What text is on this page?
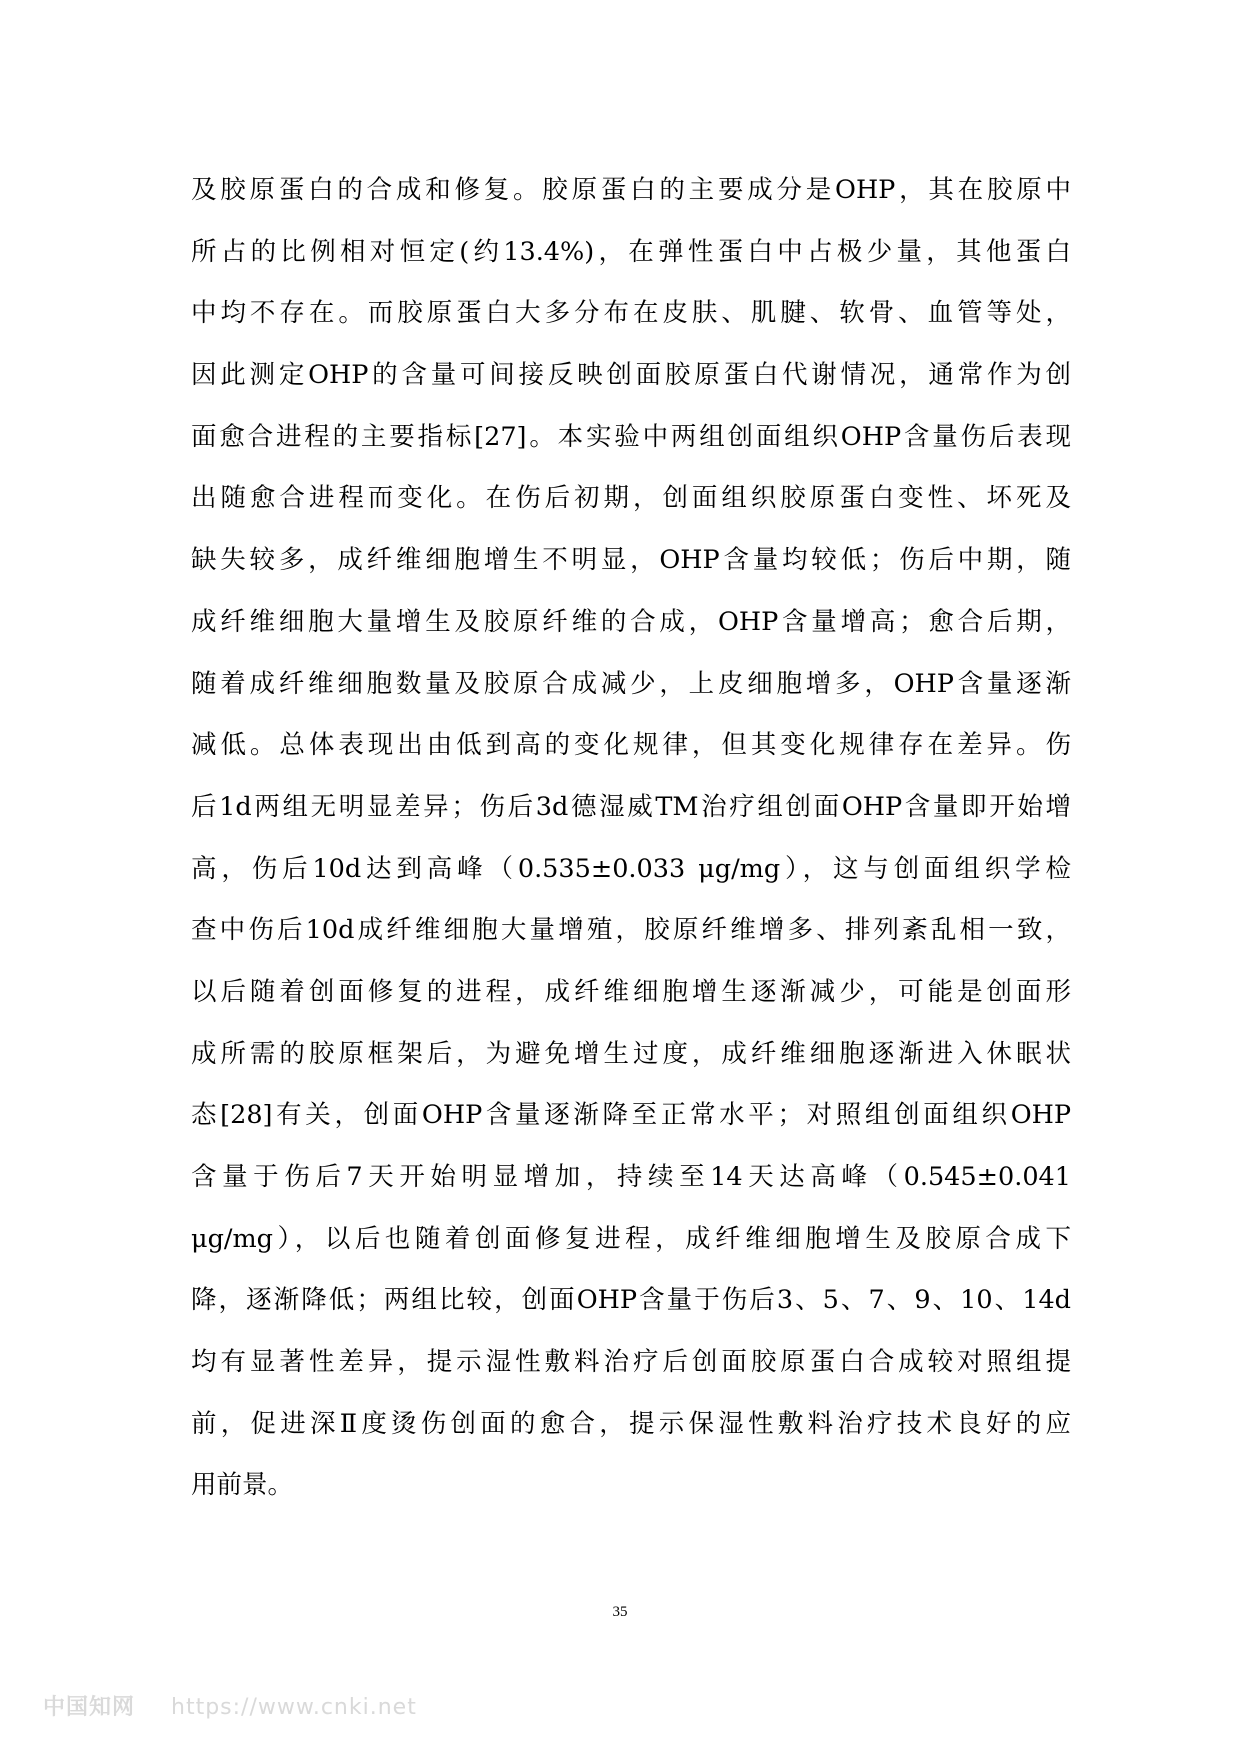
及胶原蛋白的合成和修复。胶原蛋白的主要成分是OHP，其在胶原中
所占的比例相对恒定(约13.4%)，在弹性蛋白中占极少量，其他蛋白
中均不存在。而胶原蛋白大多分布在皮肤、肌腱、软骨、血管等处，
因此测定OHP的含量可间接反映创面胶原蛋白代谢情况，通常作为创
面愈合进程的主要指标[27]。本实验中两组创面组织OHP含量伤后表现
出随愈合进程而变化。在伤后初期，创面组织胶原蛋白变性、坏死及
缺失较多，成纤维细胞增生不明显，OHP含量均较低；伤后中期，随
成纤维细胞大量增生及胶原纤维的合成，OHP含量增高；愈合后期，
随着成纤维细胞数量及胶原合成减少，上皮细胞增多，OHP含量逐渐
减低。总体表现出由低到高的变化规律，但其变化规律存在差异。伤
后1d两组无明显差异；伤后3d德湿威TM治疗组创面OHP含量即开始增
高，伤后10d达到高峰（0.535±0.033 μg/mg），这与创面组织学检
查中伤后10d成纤维细胞大量增殖，胶原纤维增多、排列紊乱相一致，
以后随着创面修复的进程，成纤维细胞增生逐渐减少，可能是创面形
成所需的胶原框架后，为避免增生过度，成纤维细胞逐渐进入休眠状
态[28]有关，创面OHP含量逐渐降至正常水平；对照组创面组织OHP
含量于伤后7天开始明显增加，持续至14天达高峰（0.545±0.041
μg/mg），以后也随着创面修复进程，成纤维细胞增生及胶原合成下
降，逐渐降低；两组比较，创面OHP含量于伤后3、5、7、9、10、14d
均有显著性差异，提示湿性敷料治疗后创面胶原蛋白合成较对照组提
前，促进深Ⅱ度烫伤创面的愈合，提示保湿性敷料治疗技术良好的应
用前景。
35
中国知网 https://www.cnki.net
